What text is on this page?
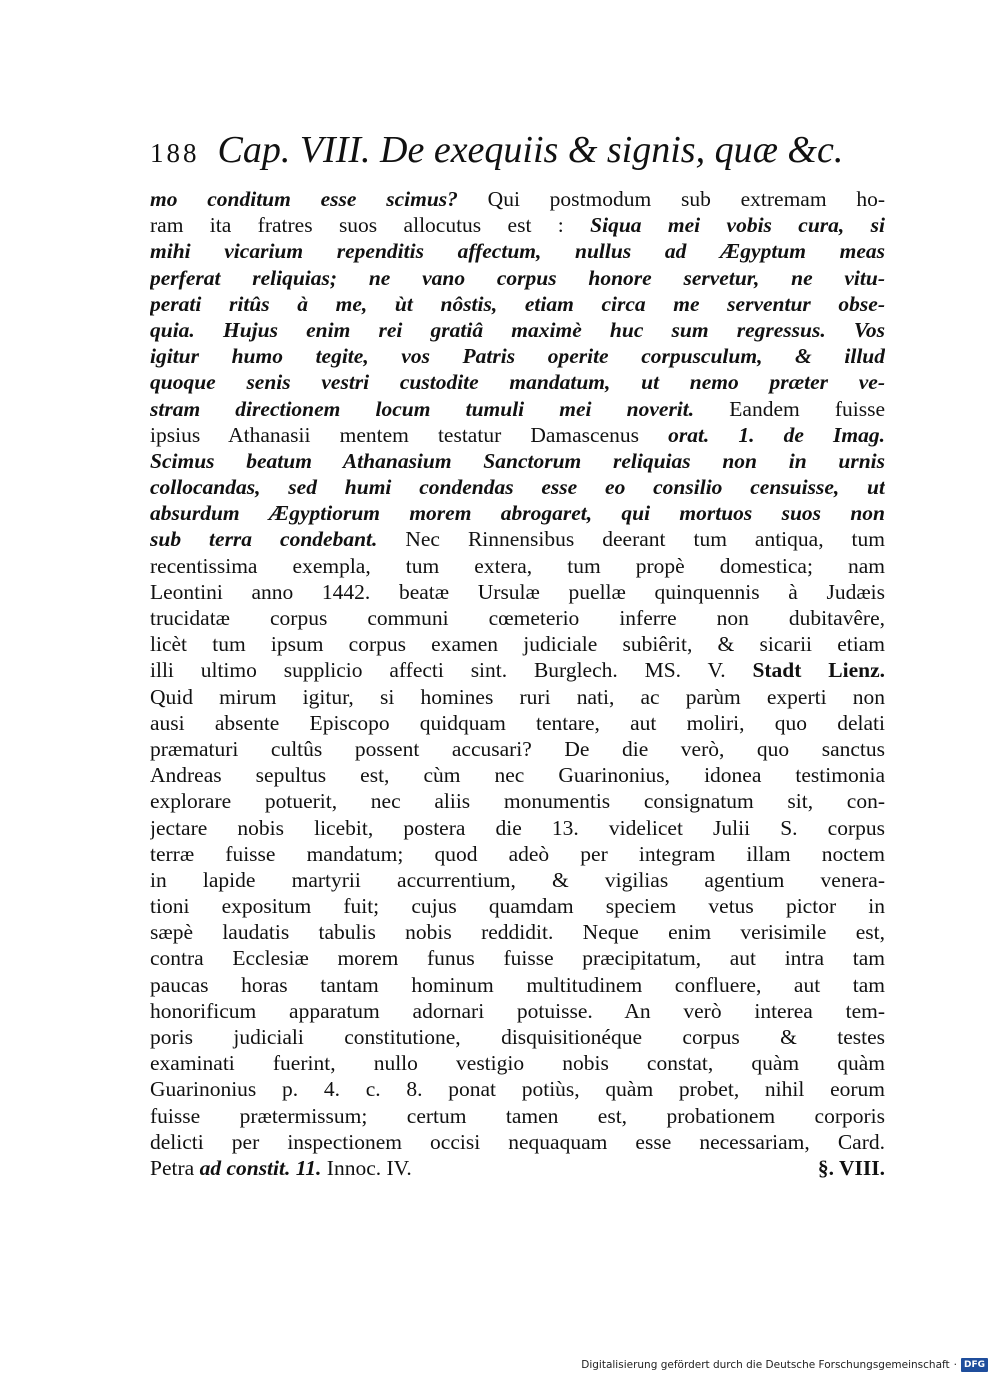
188 Cap. VIII. De exequiis & signis, quæ &c.
mo conditum esse scimus? Qui postmodum sub extremam ho-
ram ita fratres suos allocutus est : Siqua mei vobis cura, si
mihi vicarium rependitis affectum, nullus ad Ægyptum meas
perferat reliquias; ne vano corpus honore servetur, ne vitu-
perati ritûs à me, ùt nôstis, etiam circa me serventur obse-
quia. Hujus enim rei gratiâ maximè huc sum regressus. Vos
igitur humo tegite, vos Patris operite corpusculum, & illud
quoque senis vestri custodite mandatum, ut nemo præter ve-
stram directionem locum tumuli mei noverit. Eandem fuisse
ipsius Athanasii mentem testatur Damascenus orat. 1. de Imag.
Scimus beatum Athanasium Sanctorum reliquias non in urnis
collocandas, sed humi condendas esse eo consilio censuisse, ut
absurdum Ægyptiorum morem abrogaret, qui mortuos suos non
sub terra condebant. Nec Rinnensibus deerant tum antiqua, tum
recentissima exempla, tum extera, tum propè domestica; nam
Leontini anno 1442. beatæ Ursulæ puellæ quinquennis à Judæis
trucidatæ corpus communi cœmeterio inferre non dubitavêre,
licèt tum ipsum corpus examen judiciale subiêrit, & sicarii etiam
illi ultimo supplicio affecti sint. Burglech. MS. V. Stadt Lienz.
Quid mirum igitur, si homines ruri nati, ac parùm experti non
ausi absente Episcopo quidquam tentare, aut moliri, quo delati
præmaturi cultûs possent accusari? De die verò, quo sanctus
Andreas sepultus est, cùm nec Guarinonius, idonea testimonia
explorare potuerit, nec aliis monumentis consignatum sit, con-
jectare nobis licebit, postera die 13. videlicet Julii S. corpus
terræ fuisse mandatum; quod adeò per integram illam noctem
in lapide martyrii accurrentium, & vigilias agentium venera-
tioni expositum fuit; cujus quamdam speciem vetus pictor in
sæpè laudatis tabulis nobis reddidit. Neque enim verisimile est,
contra Ecclesiæ morem funus fuisse præcipitatum, aut intra tam
paucas horas tantam hominum multitudinem confluere, aut tam
honorificum apparatum adornari potuisse. An verò interea tem-
poris judiciali constitutione, disquisitionéque corpus & testes
examinati fuerint, nullo vestigio nobis constat, quàm quàm
Guarinonius p. 4. c. 8. ponat potiùs, quàm probet, nihil eorum
fuisse prætermissum; certum tamen est, probationem corporis
delicti per inspectionem occisi nequaquam esse necessariam, Card.
Petra ad constit. 11. Innoc. IV.	§. VIII.
Digitalisierung gefördert durch die Deutsche Forschungsgemeinschaft · DFG
